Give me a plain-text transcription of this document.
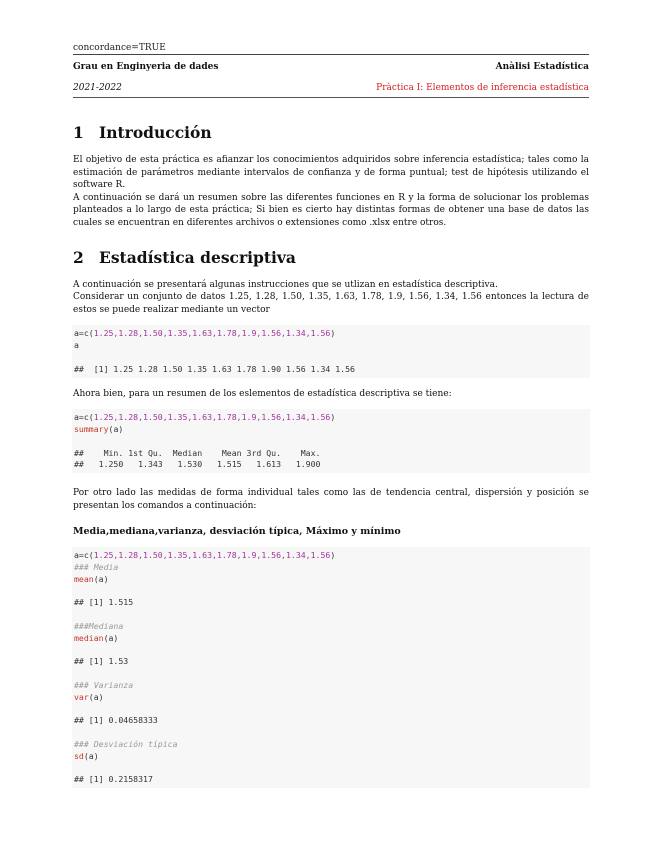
concordance=TRUE
Grau en Enginyeria de dades	Anàlisi Estadística
2021-2022	Pràctica I: Elementos de inferencia estadística
1 Introducción

El objetivo de esta práctica es afianzar los conocimientos adquiridos sobre inferencia estadística; tales como la estimación de parámetros mediante intervalos de confianza y de forma puntual; test de hipótesis utilizando el software R.

A continuación se dará un resumen sobre las diferentes funciones en R y la forma de solucionar los problemas planteados a lo largo de esta práctica; Si bien es cierto hay distintas formas de obtener una base de datos las cuales se encuentran en diferentes archivos o extensiones como .xlsx entre otros.

2 Estadística descriptiva

A continuación se presentará algunas instrucciones que se utlizan en estadística descriptiva.

Considerar un conjunto de datos 1.25, 1.28, 1.50, 1.35, 1.63, 1.78, 1.9, 1.56, 1.34, 1.56 entonces la lectura de estos se puede realizar mediante un vector

a=c(1.25,1.28,1.50,1.35,1.63,1.78,1.9,1.56,1.34,1.56)
a

##  [1] 1.25 1.28 1.50 1.35 1.63 1.78 1.90 1.56 1.34 1.56

Ahora bien, para un resumen de los eslementos de estadística descriptiva se tiene:

a=c(1.25,1.28,1.50,1.35,1.63,1.78,1.9,1.56,1.34,1.56)
summary(a)

##    Min. 1st Qu.  Median    Mean 3rd Qu.    Max.
##   1.250   1.343   1.530   1.515   1.613   1.900

Por otro lado las medidas de forma individual tales como las de tendencia central, dispersión y posición se presentan los comandos a continuación:

Media,mediana,varianza, desviación típica, Máximo y mínimo
a=c(1.25,1.28,1.50,1.35,1.63,1.78,1.9,1.56,1.34,1.56)
### Media
mean(a)

## [1] 1.515

###Mediana
median(a)

## [1] 1.53

### Varianza
var(a)

## [1] 0.04658333

### Desviación típica
sd(a)

## [1] 0.2158317
